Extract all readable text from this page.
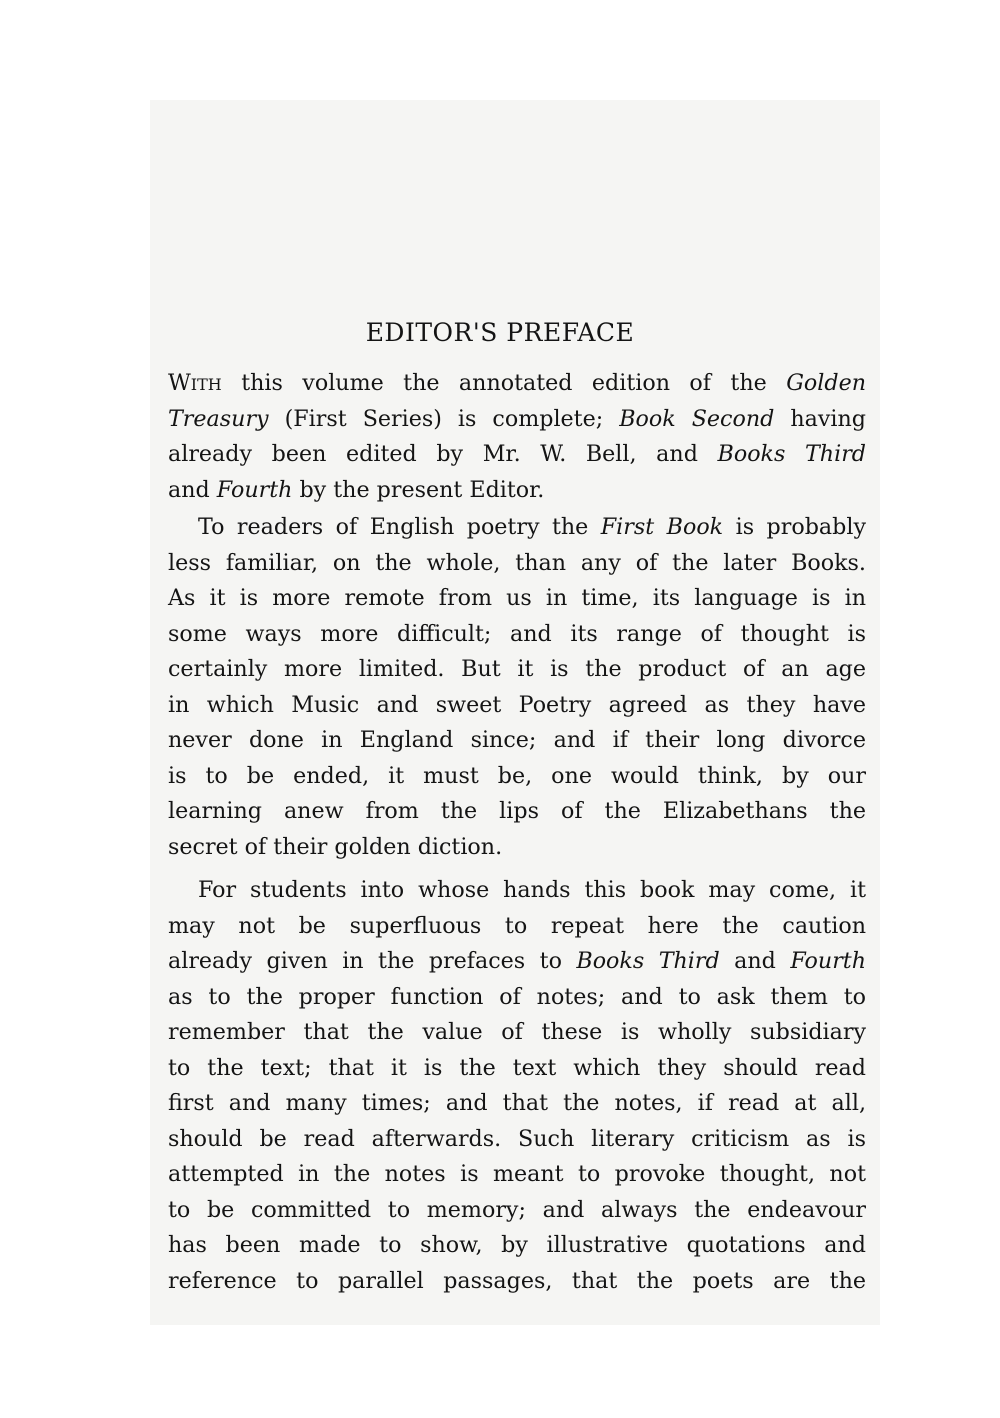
EDITOR'S PREFACE
With this volume the annotated edition of the Golden
Treasury (First Series) is complete; Book Second having
already been edited by Mr. W. Bell, and Books Third
and Fourth by the present Editor.
To readers of English poetry the First Book is probably
less familiar, on the whole, than any of the later Books.
As it is more remote from us in time, its language is in
some ways more difficult; and its range of thought is
certainly more limited. But it is the product of an age
in which Music and sweet Poetry agreed as they have
never done in England since; and if their long divorce
is to be ended, it must be, one would think, by our
learning anew from the lips of the Elizabethans the
secret of their golden diction.
For students into whose hands this book may come, it
may not be superfluous to repeat here the caution
already given in the prefaces to Books Third and Fourth
as to the proper function of notes; and to ask them to
remember that the value of these is wholly subsidiary
to the text; that it is the text which they should read
first and many times; and that the notes, if read at all,
should be read afterwards. Such literary criticism as is
attempted in the notes is meant to provoke thought, not
to be committed to memory; and always the endeavour
has been made to show, by illustrative quotations and
reference to parallel passages, that the poets are the
